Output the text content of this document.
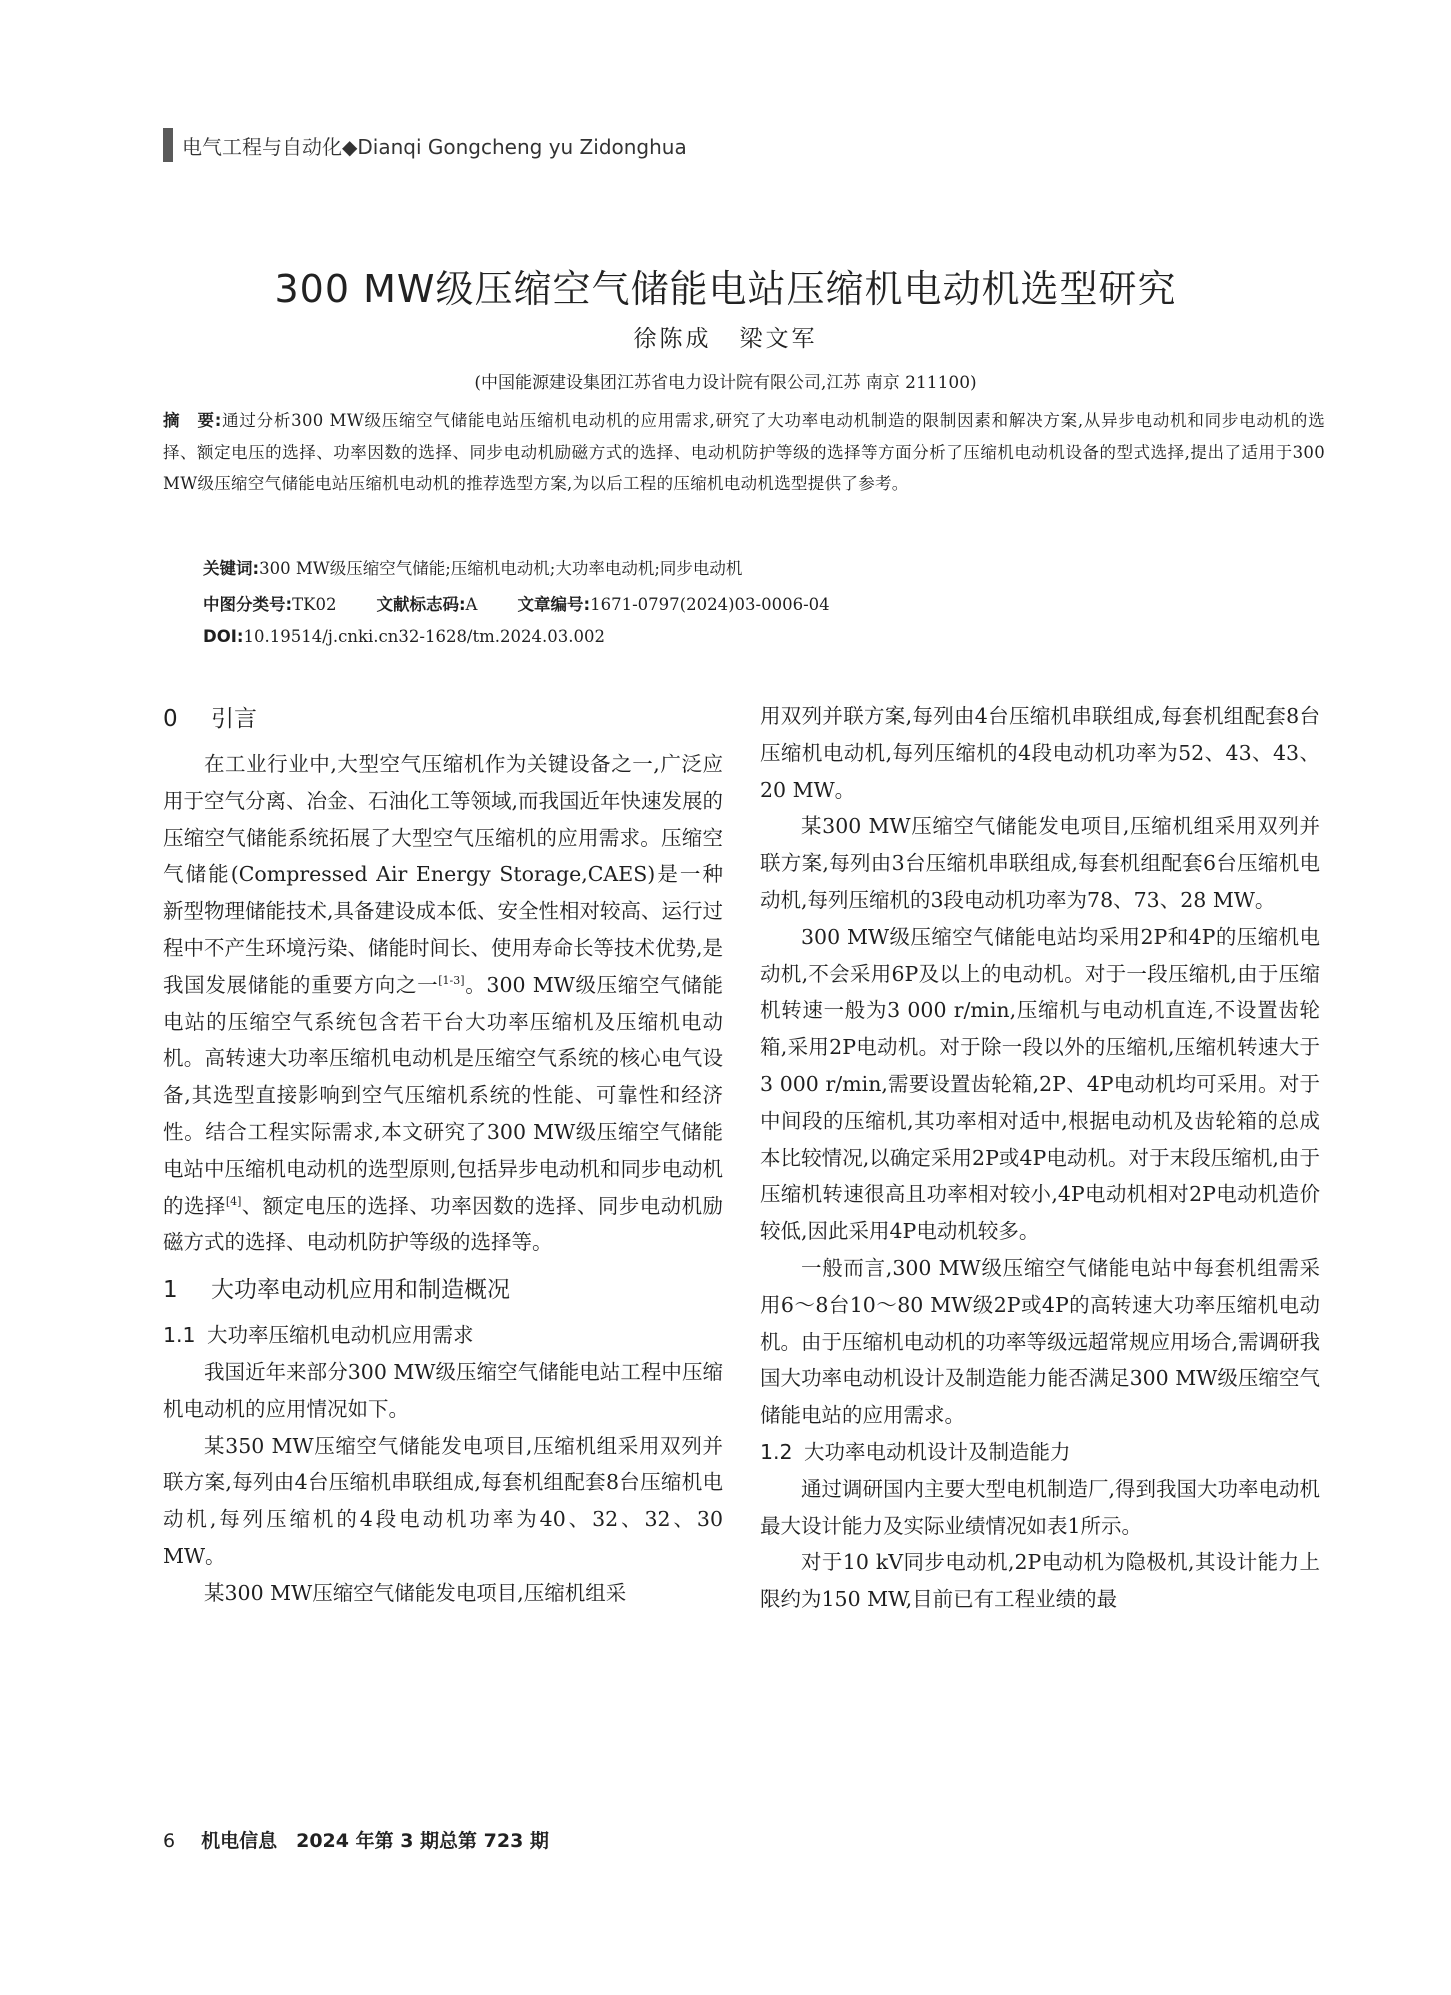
电气工程与自动化◆Dianqi Gongcheng yu Zidonghua
300 MW级压缩空气储能电站压缩机电动机选型研究
徐陈成 梁文军
(中国能源建设集团江苏省电力设计院有限公司,江苏 南京 211100)
摘　要:通过分析300 MW级压缩空气储能电站压缩机电动机的应用需求,研究了大功率电动机制造的限制因素和解决方案,从异步电动机和同步电动机的选择、额定电压的选择、功率因数的选择、同步电动机励磁方式的选择、电动机防护等级的选择等方面分析了压缩机电动机设备的型式选择,提出了适用于300 MW级压缩空气储能电站压缩机电动机的推荐选型方案,为以后工程的压缩机电动机选型提供了参考。
关键词:300 MW级压缩空气储能;压缩机电动机;大功率电动机;同步电动机
中图分类号:TK02 文献标志码:A 文章编号:1671-0797(2024)03-0006-04
DOI:10.19514/j.cnki.cn32-1628/tm.2024.03.002
0 引言

在工业行业中,大型空气压缩机作为关键设备之一,广泛应用于空气分离、冶金、石油化工等领域,而我国近年快速发展的压缩空气储能系统拓展了大型空气压缩机的应用需求。压缩空气储能(Compressed Air Energy Storage,CAES)是一种新型物理储能技术,具备建设成本低、安全性相对较高、运行过程中不产生环境污染、储能时间长、使用寿命长等技术优势,是我国发展储能的重要方向之一[1-3]。300 MW级压缩空气储能电站的压缩空气系统包含若干台大功率压缩机及压缩机电动机。高转速大功率压缩机电动机是压缩空气系统的核心电气设备,其选型直接影响到空气压缩机系统的性能、可靠性和经济性。结合工程实际需求,本文研究了300 MW级压缩空气储能电站中压缩机电动机的选型原则,包括异步电动机和同步电动机的选择[4]、额定电压的选择、功率因数的选择、同步电动机励磁方式的选择、电动机防护等级的选择等。

1 大功率电动机应用和制造概况
1.1 大功率压缩机电动机应用需求

我国近年来部分300 MW级压缩空气储能电站工程中压缩机电动机的应用情况如下。

某350 MW压缩空气储能发电项目,压缩机组采用双列并联方案,每列由4台压缩机串联组成,每套机组配套8台压缩机电动机,每列压缩机的4段电动机功率为40、32、32、30 MW。

某300 MW压缩空气储能发电项目,压缩机组采

用双列并联方案,每列由4台压缩机串联组成,每套机组配套8台压缩机电动机,每列压缩机的4段电动机功率为52、43、43、20 MW。

某300 MW压缩空气储能发电项目,压缩机组采用双列并联方案,每列由3台压缩机串联组成,每套机组配套6台压缩机电动机,每列压缩机的3段电动机功率为78、73、28 MW。

300 MW级压缩空气储能电站均采用2P和4P的压缩机电动机,不会采用6P及以上的电动机。对于一段压缩机,由于压缩机转速一般为3 000 r/min,压缩机与电动机直连,不设置齿轮箱,采用2P电动机。对于除一段以外的压缩机,压缩机转速大于3 000 r/min,需要设置齿轮箱,2P、4P电动机均可采用。对于中间段的压缩机,其功率相对适中,根据电动机及齿轮箱的总成本比较情况,以确定采用2P或4P电动机。对于末段压缩机,由于压缩机转速很高且功率相对较小,4P电动机相对2P电动机造价较低,因此采用4P电动机较多。

一般而言,300 MW级压缩空气储能电站中每套机组需采用6～8台10～80 MW级2P或4P的高转速大功率压缩机电动机。由于压缩机电动机的功率等级远超常规应用场合,需调研我国大功率电动机设计及制造能力能否满足300 MW级压缩空气储能电站的应用需求。

1.2 大功率电动机设计及制造能力

通过调研国内主要大型电机制造厂,得到我国大功率电动机最大设计能力及实际业绩情况如表1所示。

对于10 kV同步电动机,2P电动机为隐极机,其设计能力上限约为150 MW,目前已有工程业绩的最

6 机电信息　2024 年第 3 期总第 723 期
